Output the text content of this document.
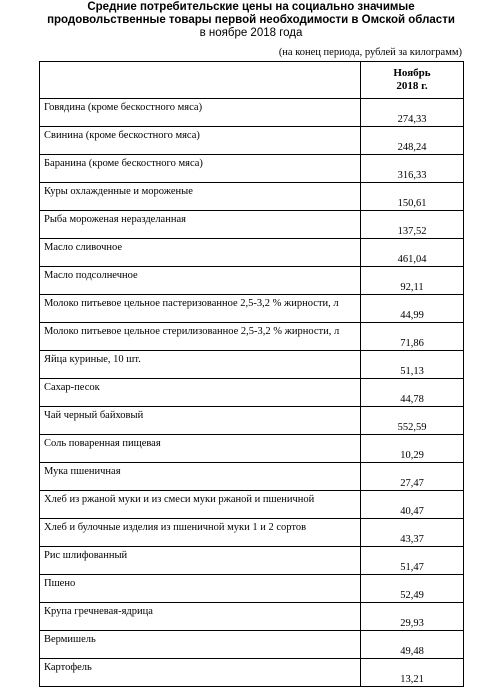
Средние потребительские цены на социально значимые
продовольственные товары первой необходимости в Омской области
в ноябре 2018 года
(на конец периода, рублей за килограмм)

	Ноябрь
2018 г.

Говядина (кроме бескостного мяса)	274,33
Свинина (кроме бескостного мяса)	248,24
Баранина (кроме бескостного мяса)	316,33
Куры охлажденные и мороженые	150,61
Рыба мороженая неразделанная	137,52
Масло сливочное	461,04
Масло подсолнечное	92,11
Молоко питьевое цельное пастеризованное 2,5-3,2 % жирности, л	44,99
Молоко питьевое цельное стерилизованное 2,5-3,2 % жирности, л	71,86
Яйца куриные, 10 шт.	51,13
Сахар-песок	44,78
Чай черный байховый	552,59
Соль поваренная пищевая	10,29
Мука пшеничная	27,47
Хлеб из ржаной муки и из смеси муки ржаной и пшеничной	40,47
Хлеб и булочные изделия из пшеничной муки 1 и 2 сортов	43,37
Рис шлифованный	51,47
Пшено	52,49
Крупа гречневая-ядрица	29,93
Вермишель	49,48
Картофель	13,21
